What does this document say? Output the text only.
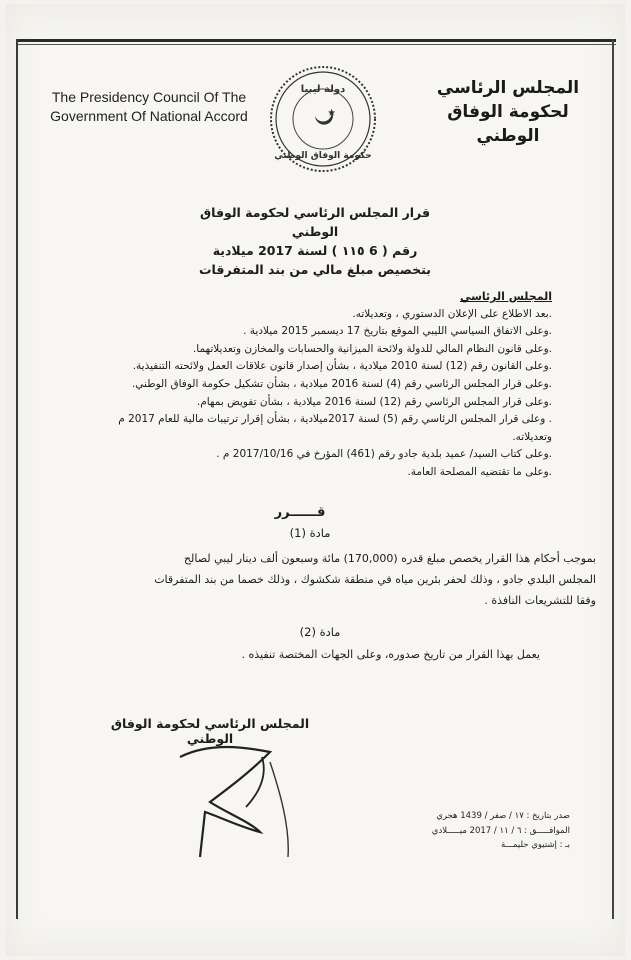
The Presidency Council Of The
Government Of National Accord
المجلس الرئاسي
لحكومة الوفاق الوطني
دولة ليبيا
حكومة الوفاق الوطني
قرار المجلس الرئاسي لحكومة الوفاق الوطني
رقم ( 6 ١١٥ ) لسنة 2017 ميلادية
بتخصيص مبلغ مالي من بند المتفرقات
المجلس الرئاسي
.بعد الاطلاع على الإعلان الدستوري ، وتعديلاته.
.وعلى الاتفاق السياسي الليبي الموقع بتاريخ 17 ديسمبر 2015 ميلادية .
.وعلى قانون النظام المالي للدولة ولائحة الميزانية والحسابات والمخازن وتعديلاتهما.
.وعلى القانون رقم (12) لسنة 2010 ميلادية ، بشأن إصدار قانون علاقات العمل ولائحته التنفيذية.
.وعلى قرار المجلس الرئاسي رقم (4) لسنة 2016 ميلادية ، بشأن تشكيل حكومة الوفاق الوطني.
.وعلى قرار المجلس الرئاسي رقم (12) لسنة 2016 ميلادية ، بشأن تفويض بمهام.
. وعلى قرار المجلس الرئاسي رقم (5) لسنة 2017ميلادية ، بشأن إقرار ترتيبات مالية للعام 2017 م
وتعديلاته.
.وعلى كتاب السيد/ عميد بلدية جادو رقم (461) المؤرخ في 2017/10/16 م .
.وعلى ما تقتضيه المصلحة العامة.
قــــــرر
مادة (1)
بموجب أحكام هذا القرار يخصص مبلغ قدره (170,000) مائة وسبعون ألف دينار ليبي لصالح
المجلس البلدي جادو ، وذلك لحفر بئرين مياه في منطقة شكشوك ، وذلك خصما من بند المتفرقات
وفقا للتشريعات النافذة .
مادة (2)
يعمل بهذا القرار من تاريخ صدوره، وعلى الجهات المختصة تنفيذه .
المجلس الرئاسي لحكومة الوفاق الوطني
صدر بتاريخ : ١٧ / صفر / 1439 هجري
الموافـــــق : ٦ / ١١ / 2017 ميـــــلادي
بـ : إشتيوي حليمـــة
